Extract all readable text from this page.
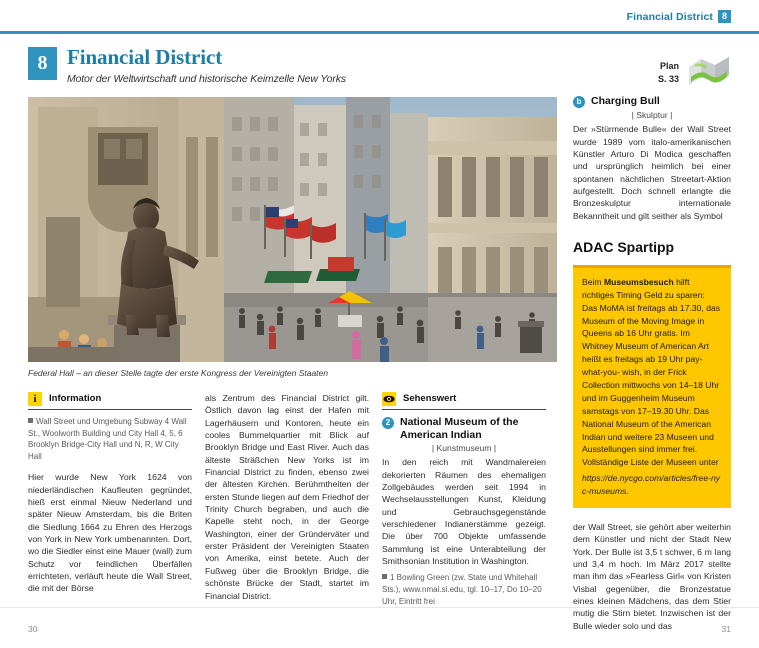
Financial District 8
8 Financial District
Motor der Weltwirtschaft und historische Keimzelle New Yorks
Plan
S. 33
Federal Hall – an dieser Stelle tagte der erste Kongress der Vereinigten Staaten
i Information
Wall Street und Umgebung Subway 4 Wall St., Woolworth Building und City Hall 4, 5, 6 Brooklyn Bridge-City Hall und N, R, W City Hall

Hier wurde New York 1624 von niederländischen Kaufleuten gegründet, hieß erst einmal Nieuw Nederland und später Nieuw Amsterdam, bis die Briten die Siedlung 1664 zu Ehren des Herzogs von York in New York umbenannten. Dort, wo die Siedler einst eine Mauer (wall) zum Schutz vor feindlichen Überfällen errichteten, verläuft heute die Wall Street, die mit der Börse

als Zentrum des Financial District gilt. Östlich davon lag einst der Hafen mit Lagerhäusern und Kontoren, heute ein cooles Bummelquartier mit Blick auf Brooklyn Bridge und East River. Auch das älteste Sträßchen New Yorks ist im Financial District zu finden, ebenso zwei der ältesten Kirchen. Berühmtheiten der ersten Stunde liegen auf dem Friedhof der Trinity Church begraben, und auch die Kapelle steht noch, in der George Washington, einer der Gründerväter und erster Präsident der Vereinigten Staaten von Amerika, einst betete. Auch der Fußweg über die Brooklyn Bridge, die schönste Brücke der Stadt, startet im Financial District.

Sehenswert
2 National Museum of the American Indian
| Kunstmuseum |

In den reich mit Wandmalereien dekorierten Räumen des ehemaligen Zollgebäudes werden seit 1994 in Wechselausstellungen Kunst, Kleidung und Gebrauchsgegenstände verschiedener Indianerstämme gezeigt. Die über 700 Objekte umfassende Sammlung ist eine Unterabteilung der Smithsonian Institution in Washington.

1 Bowling Green (zw. State und Whitehall Sts.), www.nmai.si.edu, tgl. 10–17, Do 10–20 Uhr, Eintritt frei
b Charging Bull
| Skulptur |

Der »Stürmende Bulle« der Wall Street wurde 1989 vom italo-amerikanischen Künstler Arturo Di Modica geschaffen und ursprünglich heimlich bei einer spontanen nächtlichen Streetart-Aktion aufgestellt. Doch schnell erlangte die Bronzeskulptur internationale Bekanntheit und gilt seither als Symbol

ADAC Spartipp
Beim Museumsbesuch hilft richtiges Timing Geld zu sparen: Das MoMA ist freitags ab 17.30, das Museum of the Moving Image in Queens ab 16 Uhr gratis. Im Whitney Museum of American Art heißt es freitags ab 19 Uhr pay-what-you- wish, in der Frick Collection mittwochs von 14–18 Uhr und im Guggenheim Museum samstags von 17–19.30 Uhr. Das National Museum of the American Indian und weitere 23 Museen und Ausstellungen sind immer frei. Vollständige Liste der Museen unter
https://de.nycgo.com/articles/free-nyc-museums.

der Wall Street, sie gehört aber weiterhin dem Künstler und nicht der Stadt New York. Der Bulle ist 3,5 t schwer, 6 m lang und 3,4 m hoch. Im März 2017 stellte man ihm das »Fearless Girl« von Kristen Visbal gegenüber, die Bronzestatue eines kleinen Mädchens, das dem Stier mutig die Stirn bietet. Inzwischen ist der Bulle wieder solo und das

30	31
